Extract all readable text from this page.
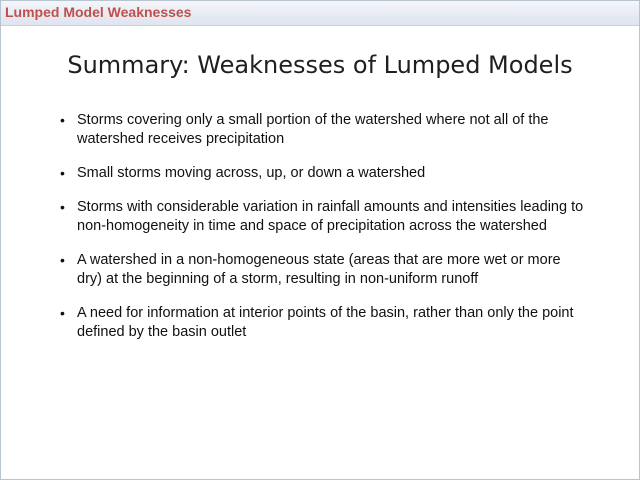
Lumped Model Weaknesses
Summary: Weaknesses of Lumped Models
• Storms covering only a small portion of the watershed where not all of the watershed receives precipitation
• Small storms moving across, up, or down a watershed
• Storms with considerable variation in rainfall amounts and intensities leading to non-homogeneity in time and space of precipitation across the watershed
• A watershed in a non-homogeneous state (areas that are more wet or more dry) at the beginning of a storm, resulting in non-uniform runoff
• A need for information at interior points of the basin, rather than only the point defined by the basin outlet
